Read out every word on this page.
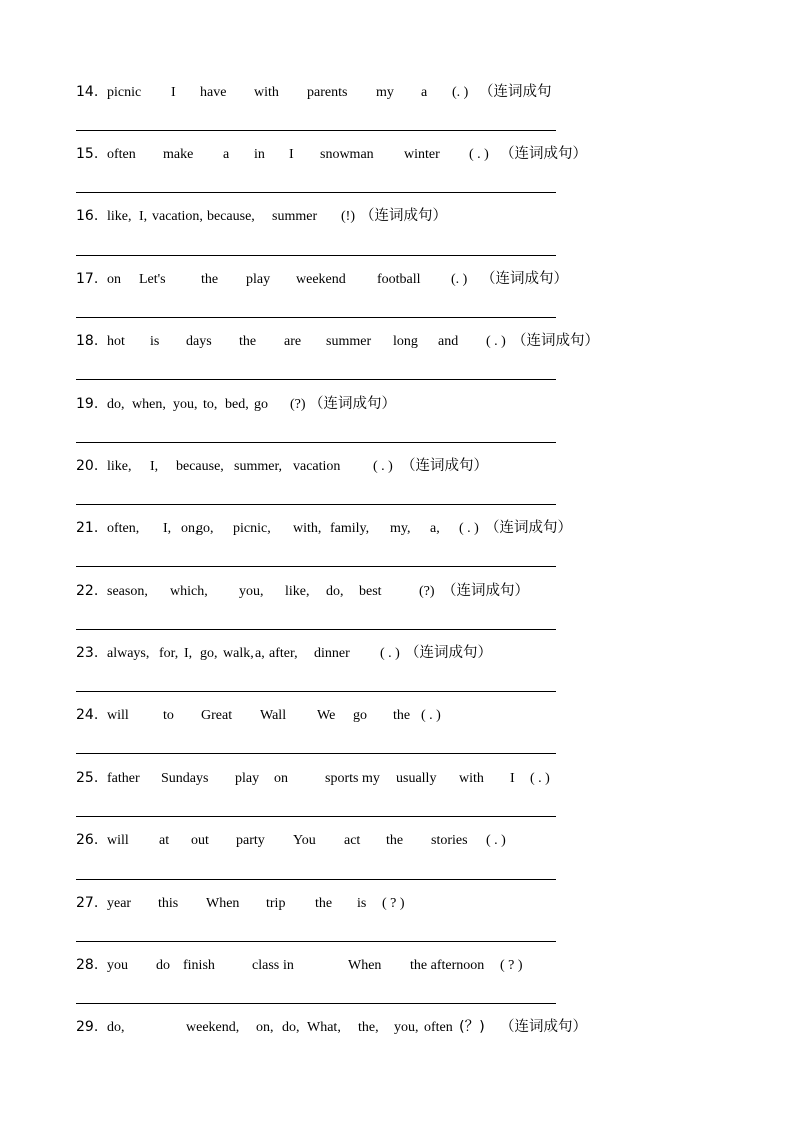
14. picnic I have with parents my a (. ) （连词成句
15. often make a in I snowman winter ( . ) （连词成句）
16. like, I, vacation, because, summer (!) （连词成句）
17. on Let's	the play weekend football (. ) （连词成句）
18. hot is days the are summer long and ( . ) （连词成句）
19. do, when, you, to, bed, go (?) （连词成句）
20. like, I, because, summer, vacation ( . ) （连词成句）
21. often, I, on,
go, picnic, with, family, my, a, ( . ) （连词成句）
22. season, which, you, like, do, best	(?) （连词成句）
23. always, for, I, go, walk, a, after, dinner ( . ) （连词成句）
24. will to Great Wall We go the ( . )
25. father Sundays play on	sports my usually with I ( . )
26. will at out party You act the stories ( . )
27. year this When trip the is ( ? )
28. you do finish	class in	When the afternoon ( ? )
29. do,	weekend, on, do, What, the, you, often (？) （连词成句）
